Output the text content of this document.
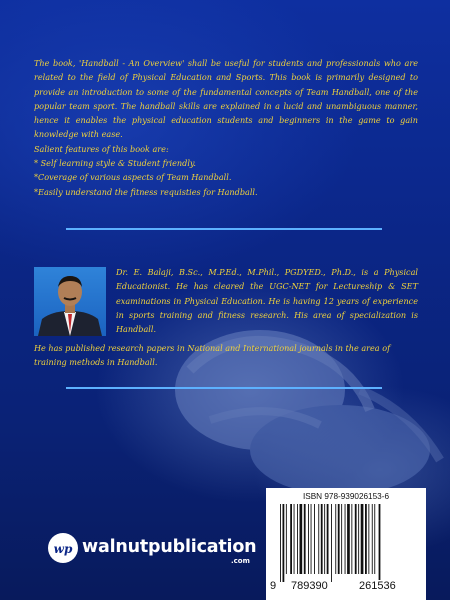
The book, 'Handball - An Overview' shall be useful for students and professionals who are related to the field of Physical Education and Sports. This book is primarily designed to provide an introduction to some of the fundamental concepts of Team Handball, one of the popular team sport. The handball skills are explained in a lucid and unambiguous manner, hence it enables the physical education students and beginners in the game to gain knowledge with ease.

Salient features of this book are:

* Self learning style & Student friendly.

*Coverage of various aspects of Team Handball.

*Easily understand the fitness requisties for Handball.

Dr. E. Balaji, B.Sc., M.P.Ed., M.Phil., PGDYED., Ph.D., is a Physical Educationist. He has cleared the UGC-NET for Lectureship & SET examinations in Physical Education. He is having 12 years of experience in sports training and fitness research. His area of specialization is Handball.

He has published research papers in National and International journals in the area of training methods in Handball.

wp walnutpublication
.com
ISBN 978-939026153-6
9 789390	261536
